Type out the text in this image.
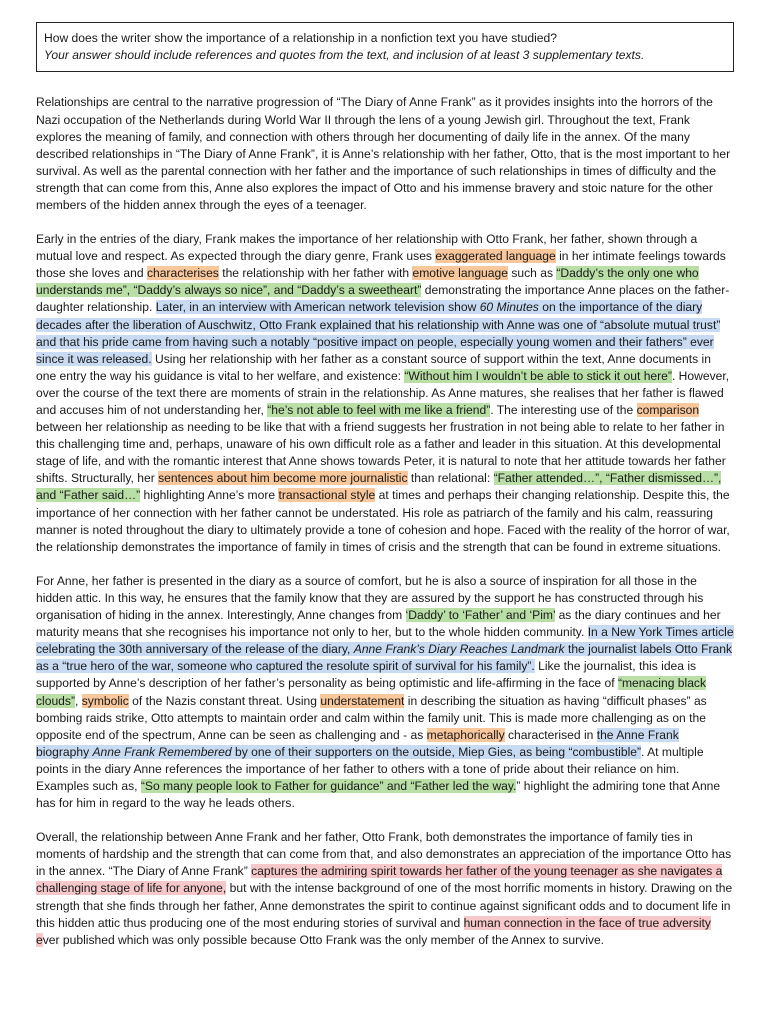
How does the writer show the importance of a relationship in a nonfiction text you have studied?
Your answer should include references and quotes from the text, and inclusion of at least 3 supplementary texts.

Relationships are central to the narrative progression of “The Diary of Anne Frank” as it provides insights into the horrors of the Nazi occupation of the Netherlands during World War II through the lens of a young Jewish girl. Throughout the text, Frank explores the meaning of family, and connection with others through her documenting of daily life in the annex. Of the many described relationships in “The Diary of Anne Frank”, it is Anne’s relationship with her father, Otto, that is the most important to her survival. As well as the parental connection with her father and the importance of such relationships in times of difficulty and the strength that can come from this, Anne also explores the impact of Otto and his immense bravery and stoic nature for the other members of the hidden annex through the eyes of a teenager.

Early in the entries of the diary, Frank makes the importance of her relationship with Otto Frank, her father, shown through a mutual love and respect. As expected through the diary genre, Frank uses exaggerated language in her intimate feelings towards those she loves and characterises the relationship with her father with emotive language such as “Daddy’s the only one who understands me”, “Daddy’s always so nice”, and “Daddy’s a sweetheart” demonstrating the importance Anne places on the father-daughter relationship. Later, in an interview with American network television show 60 Minutes on the importance of the diary decades after the liberation of Auschwitz, Otto Frank explained that his relationship with Anne was one of “absolute mutual trust” and that his pride came from having such a notably “positive impact on people, especially young women and their fathers” ever since it was released. Using her relationship with her father as a constant source of support within the text, Anne documents in one entry the way his guidance is vital to her welfare, and existence: “Without him I wouldn’t be able to stick it out here”. However, over the course of the text there are moments of strain in the relationship. As Anne matures, she realises that her father is flawed and accuses him of not understanding her, “he’s not able to feel with me like a friend”. The interesting use of the comparison between her relationship as needing to be like that with a friend suggests her frustration in not being able to relate to her father in this challenging time and, perhaps, unaware of his own difficult role as a father and leader in this situation. At this developmental stage of life, and with the romantic interest that Anne shows towards Peter, it is natural to note that her attitude towards her father shifts. Structurally, her sentences about him become more journalistic than relational: “Father attended…”, “Father dismissed…”, and “Father said…” highlighting Anne’s more transactional style at times and perhaps their changing relationship. Despite this, the importance of her connection with her father cannot be understated. His role as patriarch of the family and his calm, reassuring manner is noted throughout the diary to ultimately provide a tone of cohesion and hope. Faced with the reality of the horror of war, the relationship demonstrates the importance of family in times of crisis and the strength that can be found in extreme situations.

For Anne, her father is presented in the diary as a source of comfort, but he is also a source of inspiration for all those in the hidden attic. In this way, he ensures that the family know that they are assured by the support he has constructed through his organisation of hiding in the annex. Interestingly, Anne changes from ‘Daddy’ to ‘Father’ and ‘Pim’ as the diary continues and her maturity means that she recognises his importance not only to her, but to the whole hidden community. In a New York Times article celebrating the 30th anniversary of the release of the diary, Anne Frank’s Diary Reaches Landmark the journalist labels Otto Frank as a “true hero of the war, someone who captured the resolute spirit of survival for his family”. Like the journalist, this idea is supported by Anne’s description of her father’s personality as being optimistic and life-affirming in the face of “menacing black clouds”, symbolic of the Nazis constant threat. Using understatement in describing the situation as having “difficult phases” as bombing raids strike, Otto attempts to maintain order and calm within the family unit. This is made more challenging as on the opposite end of the spectrum, Anne can be seen as challenging and - as metaphorically characterised in the Anne Frank biography Anne Frank Remembered by one of their supporters on the outside, Miep Gies, as being “combustible”. At multiple points in the diary Anne references the importance of her father to others with a tone of pride about their reliance on him. Examples such as, “So many people look to Father for guidance” and “Father led the way.” highlight the admiring tone that Anne has for him in regard to the way he leads others.

Overall, the relationship between Anne Frank and her father, Otto Frank, both demonstrates the importance of family ties in moments of hardship and the strength that can come from that, and also demonstrates an appreciation of the importance Otto has in the annex. “The Diary of Anne Frank” captures the admiring spirit towards her father of the young teenager as she navigates a challenging stage of life for anyone, but with the intense background of one of the most horrific moments in history. Drawing on the strength that she finds through her father, Anne demonstrates the spirit to continue against significant odds and to document life in this hidden attic thus producing one of the most enduring stories of survival and human connection in the face of true adversity ever published which was only possible because Otto Frank was the only member of the Annex to survive.
